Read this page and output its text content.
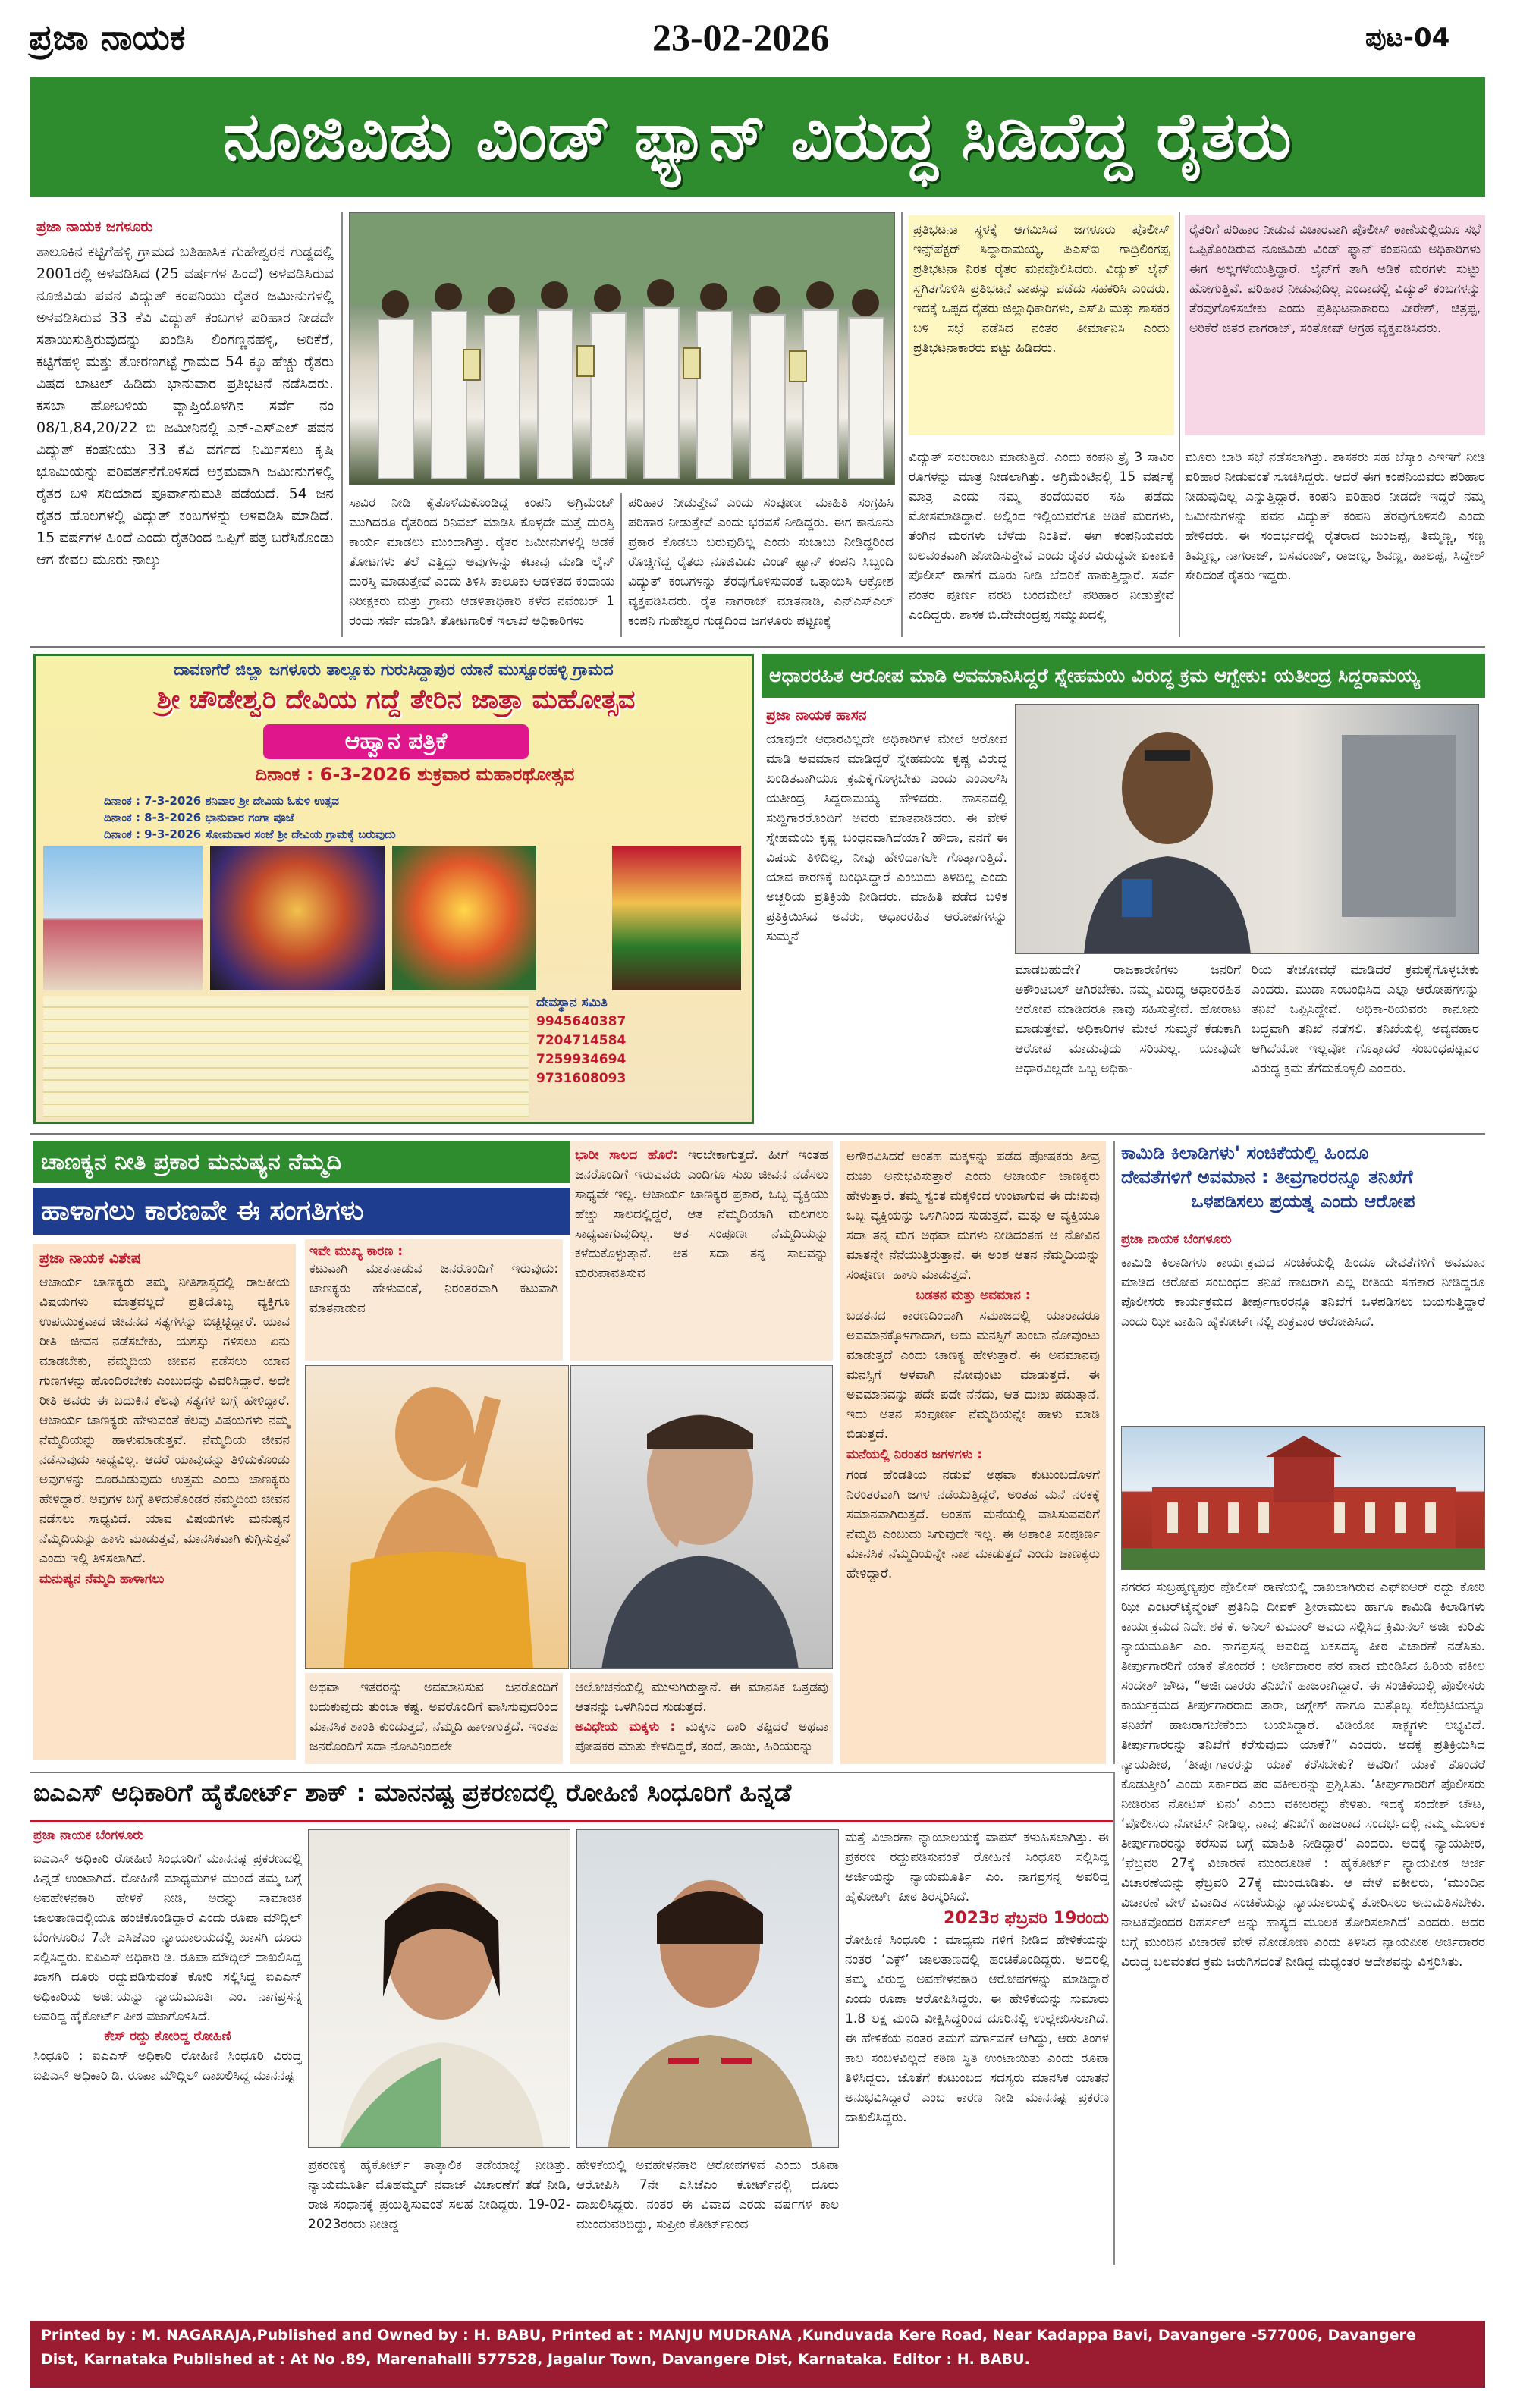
ಪ್ರಜಾ ನಾಯಕ	23-02-2026	ಪುಟ-04
ನೂಜಿವಿಡು ವಿಂಡ್ ಫ್ಯಾನ್ ವಿರುದ್ಧ ಸಿಡಿದೆದ್ದ ರೈತರು
ಪ್ರಜಾ ನಾಯಕ ಜಗಳೂರು
ತಾಲೂಕಿನ ಕಟ್ಟಿಗೆಹಳ್ಳಿ ಗ್ರಾಮದ ಬತಿಹಾಸಿಕ ಗುಹೇಶ್ವರನ ಗುಡ್ಡದಲ್ಲಿ 2001ರಲ್ಲಿ ಅಳವಡಿಸಿದ (25 ವರ್ಷಗಳ ಹಿಂದೆ) ಅಳವಡಿಸಿರುವ ನೂಜಿವಿಡು ಪವನ ವಿದ್ಯುತ್ ಕಂಪನಿಯು ರೈತರ ಜಮೀನುಗಳಲ್ಲಿ ಅಳವಡಿಸಿರುವ 33 ಕೆವಿ ವಿದ್ಯುತ್ ಕಂಬಗಳ ಪರಿಹಾರ ನೀಡದೇ ಸತಾಯಿಸುತ್ತಿರುವುದನ್ನು ಖಂಡಿಸಿ ಲಿಂಗಣ್ಣನಹಳ್ಳಿ, ಅರಿಕೆರೆ, ಕಟ್ಟಿಗೆಹಳ್ಳಿ ಮತ್ತು ತೋರಣಗಟ್ಟೆ ಗ್ರಾಮದ 54 ಕ್ಕೂ ಹೆಚ್ಚು ರೈತರು ವಿಷದ ಬಾಟಲ್ ಹಿಡಿದು ಭಾನುವಾರ ಪ್ರತಿಭಟನೆ ನಡೆಸಿದರು. ಕಸಬಾ ಹೋಬಳಿಯ ವ್ಯಾಪ್ತಿಯೊಳಗಿನ ಸರ್ವೆ ನಂ 08/1,84,20/22 ಬಿ ಜಮೀನಿನಲ್ಲಿ ಎನ್-ಎಸ್‌ಎಲ್ ಪವನ ವಿದ್ಯುತ್ ಕಂಪನಿಯು 33 ಕೆವಿ ವರ್ಗದ ನಿರ್ಮಿಸಲು ಕೃಷಿ ಭೂಮಿಯನ್ನು ಪರಿವರ್ತನೆಗೊಳಿಸದೆ ಅಕ್ರಮವಾಗಿ ಜಮೀನುಗಳಲ್ಲಿ ರೈತರ ಬಳಿ ಸರಿಯಾದ ಪೂರ್ವಾನುಮತಿ ಪಡೆಯದೆ. 54 ಜನ ರೈತರ ಹೊಲಗಳಲ್ಲಿ ವಿದ್ಯುತ್ ಕಂಬಗಳನ್ನು ಅಳವಡಿಸಿ ಮಾಡಿದೆ. 15 ವರ್ಷಗಳ ಹಿಂದೆ ಎಂದು ರೈತರಿಂದ ಒಪ್ಪಿಗೆ ಪತ್ರ ಬರೆಸಿಕೊಂಡು ಆಗ ಕೇವಲ ಮೂರು ನಾಲ್ಕು
ಸಾವಿರ ನೀಡಿ ಕೈತೊಳೆದುಕೊಂಡಿದ್ದ ಕಂಪನಿ ಅಗ್ರಿಮೆಂಟ್ ಮುಗಿದರೂ ರೈತರಿಂದ ರಿನಿವಲ್ ಮಾಡಿಸಿ ಕೊಳ್ಳದೇ ಮತ್ತೆ ದುರಸ್ತಿ ಕಾರ್ಯ ಮಾಡಲು ಮುಂದಾಗಿತ್ತು. ರೈತರ ಜಮೀನುಗಳಲ್ಲಿ ಅಡಕೆ ತೋಟಗಳು ತಲೆ ಎತ್ತಿದ್ದು ಅವುಗಳನ್ನು ಕಟಾವು ಮಾಡಿ ಲೈನ್ ದುರಸ್ತಿ ಮಾಡುತ್ತೇವೆ ಎಂದು ತಿಳಿಸಿ ತಾಲೂಕು ಆಡಳಿತದ ಕಂದಾಯ ನಿರೀಕ್ಷಕರು ಮತ್ತು ಗ್ರಾಮ ಆಡಳಿತಾಧಿಕಾರಿ ಕಳೆದ ನವೆಂಬರ್ 1 ರಂದು ಸರ್ವೆ ಮಾಡಿಸಿ ತೋಟಗಾರಿಕೆ ಇಲಾಖೆ ಅಧಿಕಾರಿಗಳು
ಪರಿಹಾರ ನೀಡುತ್ತೇವೆ ಎಂದು ಸಂಪೂರ್ಣ ಮಾಹಿತಿ ಸಂಗ್ರಹಿಸಿ ಪರಿಹಾರ ನೀಡುತ್ತೇವೆ ಎಂದು ಭರವಸೆ ನೀಡಿದ್ದರು. ಈಗ ಕಾನೂನು ಪ್ರಕಾರ ಕೊಡಲು ಬರುವುದಿಲ್ಲ ಎಂದು ಸುಬಾಬು ನೀಡಿದ್ದರಿಂದ ರೊಚ್ಚಿಗೆದ್ದ ರೈತರು ನೂಜಿವಿಡು ವಿಂಡ್ ಫ್ಯಾನ್ ಕಂಪನಿ ಸಿಬ್ಬಂದಿ ವಿದ್ಯುತ್ ಕಂಬಗಳನ್ನು ತೆರವುಗೊಳಿಸುವಂತೆ ಒತ್ತಾಯಿಸಿ ಆಕ್ರೋಶ ವ್ಯಕ್ತಪಡಿಸಿದರು. ರೈತ ನಾಗರಾಜ್ ಮಾತನಾಡಿ, ಎನ್‌ಎಸ್‌ಎಲ್ ಕಂಪನಿ ಗುಹೇಶ್ವರ ಗುಡ್ಡದಿಂದ ಜಗಳೂರು ಪಟ್ಟಣಕ್ಕೆ
ಪ್ರತಿಭಟನಾ ಸ್ಥಳಕ್ಕೆ ಆಗಮಿಸಿದ ಜಗಳೂರು ಪೊಲೀಸ್ ಇನ್ಸ್‌ಪೆಕ್ಟರ್ ಸಿದ್ದಾರಾಮಯ್ಯ, ಪಿಎಸ್ಐ ಗಾದ್ರಿಲಿಂಗಪ್ಪ ಪ್ರತಿಭಟನಾ ನಿರತ ರೈತರ ಮನವೊಲಿಸಿದರು. ವಿದ್ಯುತ್ ಲೈನ್ ಸ್ಥಗಿತಗೊಳಿಸಿ ಪ್ರತಿಭಟನೆ ವಾಪಸ್ಸು ಪಡೆದು ಸಹಕರಿಸಿ ಎಂದರು. ಇದಕ್ಕೆ ಒಪ್ಪದ ರೈತರು ಜಿಲ್ಲಾಧಿಕಾರಿಗಳು, ಎಸ್‌ಪಿ ಮತ್ತು ಶಾಸಕರ ಬಳಿ ಸಭೆ ನಡೆಸಿದ ನಂತರ ತೀರ್ಮಾನಿಸಿ ಎಂದು ಪ್ರತಿಭಟನಾಕಾರರು ಪಟ್ಟು ಹಿಡಿದರು.
ರೈತರಿಗೆ ಪರಿಹಾರ ನೀಡುವ ವಿಚಾರವಾಗಿ ಪೊಲೀಸ್ ಠಾಣೆಯಲ್ಲಿಯೂ ಸಭೆ ಒಪ್ಪಿಕೊಂಡಿರುವ ನೂಜಿವಿಡು ವಿಂಡ್ ಫ್ಯಾನ್ ಕಂಪನಿಯ ಅಧಿಕಾರಿಗಳು ಈಗ ಅಲ್ಲಗಳೆಯುತ್ತಿದ್ದಾರೆ. ಲೈನ್‌ಗೆ ತಾಗಿ ಅಡಿಕೆ ಮರಗಳು ಸುಟ್ಟು ಹೋಗುತ್ತಿವೆ. ಪರಿಹಾರ ನೀಡುವುದಿಲ್ಲ ಎಂದಾದಲ್ಲಿ ವಿದ್ಯುತ್ ಕಂಬಗಳನ್ನು ತೆರವುಗೊಳಿಸಬೇಕು ಎಂದು ಪ್ರತಿಭಟನಾಕಾರರು ವೀರೇಶ್, ಚಿತ್ರಪ್ಪ, ಅರಿಕೆರೆ ಜಿತರ ನಾಗರಾಜ್, ಸಂತೋಷ್ ಆಗ್ರಹ ವ್ಯಕ್ತಪಡಿಸಿದರು.
ವಿದ್ಯುತ್ ಸರಬರಾಜು ಮಾಡುತ್ತಿದೆ. ಎಂದು ಕಂಪನಿ ತ್ರೈ 3 ಸಾವಿರ ರೂಗಳನ್ನು ಮಾತ್ರ ನೀಡಲಾಗಿತ್ತು. ಅಗ್ರಿಮೆಂಟಿನಲ್ಲಿ 15 ವರ್ಷಕ್ಕೆ ಮಾತ್ರ ಎಂದು ನಮ್ಮ ತಂದೆಯವರ ಸಹಿ ಪಡೆದು ಮೋಸಮಾಡಿದ್ದಾರೆ. ಅಲ್ಲಿಂದ ಇಲ್ಲಿಯವರೆಗೂ ಅಡಿಕೆ ಮರಗಳು, ತೆಂಗಿನ ಮರಗಳು ಬೆಳೆದು ನಿಂತಿವೆ. ಈಗ ಕಂಪನಿಯವರು ಬಲವಂತವಾಗಿ ಜೋಡಿಸುತ್ತೇವೆ ಎಂದು ರೈತರ ವಿರುದ್ಧವೇ ಏಕಾಏಕಿ ಪೊಲೀಸ್ ಠಾಣೆಗೆ ದೂರು ನೀಡಿ ಬೆದರಿಕೆ ಹಾಕುತ್ತಿದ್ದಾರೆ. ಸರ್ವೆ ನಂತರ ಪೂರ್ಣ ವರದಿ ಬಂದಮೇಲೆ ಪರಿಹಾರ ನೀಡುತ್ತೇವೆ ಎಂದಿದ್ದರು. ಶಾಸಕ ಬಿ.ದೇವೇಂದ್ರಪ್ಪ ಸಮ್ಮುಖದಲ್ಲಿ
ಮೂರು ಬಾರಿ ಸಭೆ ನಡೆಸಲಾಗಿತ್ತು. ಶಾಸಕರು ಸಹ ಬೆಸ್ಕಾಂ ಎಇಇಗೆ ನೀಡಿ ಪರಿಹಾರ ನೀಡುವಂತೆ ಸೂಚಿಸಿದ್ದರು. ಆದರೆ ಈಗ ಕಂಪನಿಯವರು ಪರಿಹಾರ ನೀಡುವುದಿಲ್ಲ ಎನ್ನುತ್ತಿದ್ದಾರೆ. ಕಂಪನಿ ಪರಿಹಾರ ನೀಡದೇ ಇದ್ದರೆ ನಮ್ಮ ಜಮೀನುಗಳನ್ನು ಪವನ ವಿದ್ಯುತ್ ಕಂಪನಿ ತೆರವುಗೊಳಿಸಲಿ ಎಂದು ಹೇಳಿದರು. ಈ ಸಂದರ್ಭದಲ್ಲಿ ರೈತರಾದ ಜುಂಜಪ್ಪ, ತಿಮ್ಮಣ್ಣ, ಸಣ್ಣ ತಿಮ್ಮಣ್ಣ, ನಾಗರಾಜ್, ಬಸವರಾಜ್, ರಾಜಣ್ಣ, ಶಿವಣ್ಣ, ಹಾಲಪ್ಪ, ಸಿದ್ದೇಶ್ ಸೇರಿದಂತೆ ರೈತರು ಇದ್ದರು.
ದಾವಣಗೆರೆ ಜಿಲ್ಲಾ ಜಗಳೂರು ತಾಲ್ಲೂಕು ಗುರುಸಿದ್ದಾಪುರ ಯಾನೆ ಮುಸ್ಟೂರಹಳ್ಳಿ ಗ್ರಾಮದ
ಶ್ರೀ ಚೌಡೇಶ್ವರಿ ದೇವಿಯ ಗದ್ದೆ ತೇರಿನ ಜಾತ್ರಾ ಮಹೋತ್ಸವ
ಆಹ್ವಾನ ಪತ್ರಿಕೆ
ದಿನಾಂಕ : 6-3-2026 ಶುಕ್ರವಾರ ಮಹಾರಥೋತ್ಸವ
ದಿನಾಂಕ : 7-3-2026 ಶನಿವಾರ ಶ್ರೀ ದೇವಿಯ ಓಕುಳಿ ಉತ್ಸವ
ದಿನಾಂಕ : 8-3-2026 ಭಾನುವಾರ ಗಂಗಾ ಪೂಜೆ
ದಿನಾಂಕ : 9-3-2026 ಸೋಮವಾರ ಸಂಜೆ ಶ್ರೀ ದೇವಿಯ ಗ್ರಾಮಕ್ಕೆ ಬರುವುದು
ದೇವಸ್ಥಾನ ಸಮಿತಿ
9945640387
7204714584
7259934694
9731608093
ಆಧಾರರಹಿತ ಆರೋಪ ಮಾಡಿ ಅವಮಾನಿಸಿದ್ದರೆ ಸ್ನೇಹಮಯಿ ವಿರುದ್ಧ ಕ್ರಮ ಆಗ್ಬೇಕು: ಯತೀಂದ್ರ ಸಿದ್ದರಾಮಯ್ಯ
ಪ್ರಜಾ ನಾಯಕ ಹಾಸನ
ಯಾವುದೇ ಆಧಾರವಿಲ್ಲದೇ ಅಧಿಕಾರಿಗಳ ಮೇಲೆ ಆರೋಪ ಮಾಡಿ ಅವಮಾನ ಮಾಡಿದ್ದರೆ ಸ್ನೇಹಮಯಿ ಕೃಷ್ಣ ವಿರುದ್ಧ ಖಂಡಿತವಾಗಿಯೂ ಕ್ರಮಕೈಗೊಳ್ಳಬೇಕು ಎಂದು ಎಂಎಲ್‌ಸಿ ಯತೀಂದ್ರ ಸಿದ್ದರಾಮಯ್ಯ ಹೇಳಿದರು. ಹಾಸನದಲ್ಲಿ ಸುದ್ದಿಗಾರರೊಂದಿಗೆ ಅವರು ಮಾತನಾಡಿದರು. ಈ ವೇಳೆ ಸ್ನೇಹಮಯಿ ಕೃಷ್ಣ ಬಂಧನವಾಗಿದೆಯಾ? ಹೌದಾ, ನನಗೆ ಈ ವಿಷಯ ತಿಳಿದಿಲ್ಲ, ನೀವು ಹೇಳಿದಾಗಲೇ ಗೊತ್ತಾಗುತ್ತಿದೆ. ಯಾವ ಕಾರಣಕ್ಕೆ ಬಂಧಿಸಿದ್ದಾರೆ ಎಂಬುದು ತಿಳಿದಿಲ್ಲ ಎಂದು ಅಚ್ಚರಿಯ ಪ್ರತಿಕ್ರಿಯೆ ನೀಡಿದರು. ಮಾಹಿತಿ ಪಡೆದ ಬಳಿಕ ಪ್ರತಿಕ್ರಿಯಿಸಿದ ಅವರು, ಆಧಾರರಹಿತ ಆರೋಪಗಳನ್ನು ಸುಮ್ಮನೆ
ಮಾಡಬಹುದೇ? ರಾಜಕಾರಣಿಗಳು ಜನರಿಗೆ ಅಕೌಂಟಬಲ್ ಆಗಿರಬೇಕು. ನಮ್ಮ ವಿರುದ್ಧ ಆಧಾರರಹಿತ ಆರೋಪ ಮಾಡಿದರೂ ನಾವು ಸಹಿಸುತ್ತೇವೆ. ಹೋರಾಟ ಮಾಡುತ್ತೇವೆ. ಅಧಿಕಾರಿಗಳ ಮೇಲೆ ಸುಮ್ಮನೆ ಕೆಡುಕಾಗಿ ಆರೋಪ ಮಾಡುವುದು ಸರಿಯಲ್ಲ. ಯಾವುದೇ ಆಧಾರವಿಲ್ಲದೇ ಒಬ್ಬ ಅಧಿಕಾ-
ರಿಯ ತೇಜೋವಧೆ ಮಾಡಿದರೆ ಕ್ರಮಕೈಗೊಳ್ಳಬೇಕು ಎಂದರು. ಮುಡಾ ಸಂಬಂಧಿಸಿದ ಎಲ್ಲಾ ಆರೋಪಗಳನ್ನು ತನಿಖೆ ಒಪ್ಪಿಸಿದ್ದೇವೆ. ಅಧಿಕಾ-ರಿಯವರು ಕಾನೂನು ಬದ್ಧವಾಗಿ ತನಿಖೆ ನಡೆಸಲಿ. ತನಿಖೆಯಲ್ಲಿ ಅವ್ಯವಹಾರ ಆಗಿದೆಯೋ ಇಲ್ಲವೋ ಗೊತ್ತಾದರೆ ಸಂಬಂಧಪಟ್ಟವರ ವಿರುದ್ಧ ಕ್ರಮ ತೆಗೆದುಕೊಳ್ಳಲಿ ಎಂದರು.
ಚಾಣಕ್ಯನ ನೀತಿ ಪ್ರಕಾರ ಮನುಷ್ಯನ ನೆಮ್ಮದಿ
ಹಾಳಾಗಲು ಕಾರಣವೇ ಈ ಸಂಗತಿಗಳು
ಪ್ರಜಾ ನಾಯಕ ವಿಶೇಷ
ಆಚಾರ್ಯ ಚಾಣಕ್ಯರು ತಮ್ಮ ನೀತಿಶಾಸ್ತ್ರದಲ್ಲಿ ರಾಜಕೀಯ ವಿಷಯಗಳು ಮಾತ್ರವಲ್ಲದೆ ಪ್ರತಿಯೊಬ್ಬ ವ್ಯಕ್ತಿಗೂ ಉಪಯುಕ್ತವಾದ ಜೀವನದ ಸತ್ಯಗಳನ್ನು ಬಿಚ್ಚಿಟ್ಟಿದ್ದಾರೆ. ಯಾವ ರೀತಿ ಜೀವನ ನಡೆಸಬೇಕು, ಯಶಸ್ಸು ಗಳಿಸಲು ಏನು ಮಾಡಬೇಕು, ನೆಮ್ಮದಿಯ ಜೀವನ ನಡೆಸಲು ಯಾವ ಗುಣಗಳನ್ನು ಹೊಂದಿರಬೇಕು ಎಂಬುದನ್ನು ವಿವರಿಸಿದ್ದಾರೆ. ಅದೇ ರೀತಿ ಅವರು ಈ ಬದುಕಿನ ಕೆಲವು ಸತ್ಯಗಳ ಬಗ್ಗೆ ಹೇಳಿದ್ದಾರೆ. ಆಚಾರ್ಯ ಚಾಣಕ್ಯರು ಹೇಳುವಂತೆ ಕೆಲವು ವಿಷಯಗಳು ನಮ್ಮ ನೆಮ್ಮದಿಯನ್ನು ಹಾಳುಮಾಡುತ್ತವೆ. ನೆಮ್ಮದಿಯ ಜೀವನ ನಡೆಸುವುದು ಸಾಧ್ಯವಿಲ್ಲ. ಆದರೆ ಯಾವುದನ್ನು ತಿಳಿದುಕೊಂಡು ಅವುಗಳನ್ನು ದೂರವಿಡುವುದು ಉತ್ತಮ ಎಂದು ಚಾಣಕ್ಯರು ಹೇಳಿದ್ದಾರೆ. ಅವುಗಳ ಬಗ್ಗೆ ತಿಳಿದುಕೊಂಡರೆ ನೆಮ್ಮದಿಯ ಜೀವನ ನಡೆಸಲು ಸಾಧ್ಯವಿದೆ. ಯಾವ ವಿಷಯಗಳು ಮನುಷ್ಯನ ನೆಮ್ಮದಿಯನ್ನು ಹಾಳು ಮಾಡುತ್ತವೆ, ಮಾನಸಿಕವಾಗಿ ಕುಗ್ಗಿಸುತ್ತವೆ ಎಂದು ಇಲ್ಲಿ ತಿಳಿಸಲಾಗಿದೆ.
ಮನುಷ್ಯನ ನೆಮ್ಮದಿ ಹಾಳಾಗಲು
ಇವೇ ಮುಖ್ಯ ಕಾರಣ :
ಕಟುವಾಗಿ ಮಾತನಾಡುವ ಜನರೊಂದಿಗೆ ಇರುವುದು: ಚಾಣಕ್ಯರು ಹೇಳುವಂತೆ, ನಿರಂತರವಾಗಿ ಕಟುವಾಗಿ ಮಾತನಾಡುವ
ಭಾರೀ ಸಾಲದ ಹೊರೆ: ಇರಬೇಕಾಗುತ್ತದೆ. ಹೀಗೆ ಇಂತಹ ಜನರೊಂದಿಗೆ ಇರುವವರು ಎಂದಿಗೂ ಸುಖ ಜೀವನ ನಡೆಸಲು ಸಾಧ್ಯವೇ ಇಲ್ಲ. ಆಚಾರ್ಯ ಚಾಣಕ್ಯರ ಪ್ರಕಾರ, ಒಬ್ಬ ವ್ಯಕ್ತಿಯು ಹೆಚ್ಚು ಸಾಲದಲ್ಲಿದ್ದರೆ, ಆತ ನೆಮ್ಮದಿಯಾಗಿ ಮಲಗಲು ಸಾಧ್ಯವಾಗುವುದಿಲ್ಲ. ಆತ ಸಂಪೂರ್ಣ ನೆಮ್ಮದಿಯನ್ನು ಕಳೆದುಕೊಳ್ಳುತ್ತಾನೆ. ಆತ ಸದಾ ತನ್ನ ಸಾಲವನ್ನು ಮರುಪಾವತಿಸುವ
ಅಥವಾ ಇತರರನ್ನು ಅವಮಾನಿಸುವ ಜನರೊಂದಿಗೆ ಬದುಕುವುದು ತುಂಬಾ ಕಷ್ಟ. ಅವರೊಂದಿಗೆ ವಾಸಿಸುವುದರಿಂದ ಮಾನಸಿಕ ಶಾಂತಿ ಕುಂದುತ್ತದೆ, ನೆಮ್ಮದಿ ಹಾಳಾಗುತ್ತದೆ. ಇಂತಹ ಜನರೊಂದಿಗೆ ಸದಾ ನೋವಿನಿಂದಲೇ
ಆಲೋಚನೆಯಲ್ಲಿ ಮುಳುಗಿರುತ್ತಾನೆ. ಈ ಮಾನಸಿಕ ಒತ್ತಡವು ಆತನನ್ನು ಒಳಗಿನಿಂದ ಸುಡುತ್ತದೆ.
ಅವಿಧೇಯ ಮಕ್ಕಳು : ಮಕ್ಕಳು ದಾರಿ ತಪ್ಪಿದರೆ ಅಥವಾ ಪೋಷಕರ ಮಾತು ಕೇಳದಿದ್ದರೆ, ತಂದೆ, ತಾಯಿ, ಹಿರಿಯರನ್ನು
ಅಗೌರವಿಸಿದರೆ ಅಂತಹ ಮಕ್ಕಳನ್ನು ಪಡೆದ ಪೋಷಕರು ತೀವ್ರ ದುಃಖ ಅನುಭವಿಸುತ್ತಾರೆ ಎಂದು ಆಚಾರ್ಯ ಚಾಣಕ್ಯರು ಹೇಳುತ್ತಾರೆ. ತಮ್ಮ ಸ್ವಂತ ಮಕ್ಕಳಿಂದ ಉಂಟಾಗುವ ಈ ದುಃಖವು ಒಬ್ಬ ವ್ಯಕ್ತಿಯನ್ನು ಒಳಗಿನಿಂದ ಸುಡುತ್ತದೆ, ಮತ್ತು ಆ ವ್ಯಕ್ತಿಯೂ ಸದಾ ತನ್ನ ಮಗ ಅಥವಾ ಮಗಳು ನೀಡಿದಂತಹ ಆ ನೋವಿನ ಮಾತನ್ನೇ ನೆನೆಯುತ್ತಿರುತ್ತಾನೆ. ಈ ಅಂಶ ಆತನ ನೆಮ್ಮದಿಯನ್ನು ಸಂಪೂರ್ಣ ಹಾಳು ಮಾಡುತ್ತದೆ.
ಬಡತನ ಮತ್ತು ಅವಮಾನ :
ಬಡತನದ ಕಾರಣದಿಂದಾಗಿ ಸಮಾಜದಲ್ಲಿ ಯಾರಾದರೂ ಅವಮಾನಕ್ಕೊಳಗಾದಾಗ, ಅದು ಮನಸ್ಸಿಗೆ ತುಂಬಾ ನೋವುಂಟು ಮಾಡುತ್ತದೆ ಎಂದು ಚಾಣಕ್ಯ ಹೇಳುತ್ತಾರೆ. ಈ ಅವಮಾನವು ಮನಸ್ಸಿಗೆ ಆಳವಾಗಿ ನೋವುಂಟು ಮಾಡುತ್ತದೆ. ಈ ಅವಮಾನವನ್ನು ಪದೇ ಪದೇ ನೆನೆದು, ಆತ ದುಃಖ ಪಡುತ್ತಾನೆ. ಇದು ಆತನ ಸಂಪೂರ್ಣ ನೆಮ್ಮದಿಯನ್ನೇ ಹಾಳು ಮಾಡಿ ಬಿಡುತ್ತದೆ.
ಮನೆಯಲ್ಲಿ ನಿರಂತರ ಜಗಳಗಳು :
ಗಂಡ ಹೆಂಡತಿಯ ನಡುವೆ ಅಥವಾ ಕುಟುಂಬದೊಳಗೆ ನಿರಂತರವಾಗಿ ಜಗಳ ನಡೆಯುತ್ತಿದ್ದರೆ, ಅಂತಹ ಮನೆ ನರಕಕ್ಕೆ ಸಮಾನವಾಗಿರುತ್ತದೆ. ಅಂತಹ ಮನೆಯಲ್ಲಿ ವಾಸಿಸುವವರಿಗೆ ನೆಮ್ಮದಿ ಎಂಬುದು ಸಿಗುವುದೇ ಇಲ್ಲ. ಈ ಅಶಾಂತಿ ಸಂಪೂರ್ಣ ಮಾನಸಿಕ ನೆಮ್ಮದಿಯನ್ನೇ ನಾಶ ಮಾಡುತ್ತದೆ ಎಂದು ಚಾಣಕ್ಯರು ಹೇಳಿದ್ದಾರೆ.
ಕಾಮಿಡಿ ಕಿಲಾಡಿಗಳು' ಸಂಚಿಕೆಯಲ್ಲಿ ಹಿಂದೂ
ದೇವತೆಗಳಿಗೆ ಅವಮಾನ : ತೀವ್ರಗಾರರನ್ನೂ ತನಿಖೆಗೆ
ಒಳಪಡಿಸಲು ಪ್ರಯತ್ನ ಎಂದು ಆರೋಪ
ಪ್ರಜಾ ನಾಯಕ ಬೆಂಗಳೂರು
ಕಾಮಿಡಿ ಕಿಲಾಡಿಗಳು ಕಾರ್ಯಕ್ರಮದ ಸಂಚಿಕೆಯಲ್ಲಿ ಹಿಂದೂ ದೇವತೆಗಳಿಗೆ ಅವಮಾನ ಮಾಡಿದ ಆರೋಪ ಸಂಬಂಧದ ತನಿಖೆ ಹಾಜರಾಗಿ ಎಲ್ಲ ರೀತಿಯ ಸಹಕಾರ ನೀಡಿದ್ದರೂ ಪೊಲೀಸರು ಕಾರ್ಯಕ್ರಮದ ತೀರ್ಪುಗಾರರನ್ನೂ ತನಿಖೆಗೆ ಒಳಪಡಿಸಲು ಬಯಸುತ್ತಿದ್ದಾರೆ ಎಂದು ಝೀ ವಾಹಿನಿ ಹೈಕೋರ್ಟ್‌ನಲ್ಲಿ ಶುಕ್ರವಾರ ಆರೋಪಿಸಿದೆ.
ನಗರದ ಸುಬ್ರಹ್ಮಣ್ಯಪುರ ಪೊಲೀಸ್ ಠಾಣೆಯಲ್ಲಿ ದಾಖಲಾಗಿರುವ ಎಫ್‌ಐಆರ್ ರದ್ದು ಕೋರಿ ಝೀ ಎಂಟರ್‌ಟೈನ್ಮೆಂಟ್ ಪ್ರತಿನಿಧಿ ದೀಪಕ್ ಶ್ರೀರಾಮುಲು ಹಾಗೂ ಕಾಮಿಡಿ ಕಿಲಾಡಿಗಳು ಕಾರ್ಯಕ್ರಮದ ನಿರ್ದೇಶಕ ಕೆ. ಅನಿಲ್ ಕುಮಾರ್ ಅವರು ಸಲ್ಲಿಸಿದ ಕ್ರಿಮಿನಲ್ ಅರ್ಜಿ ಕುರಿತು ನ್ಯಾಯಮೂರ್ತಿ ಎಂ. ನಾಗಪ್ರಸನ್ನ ಅವರಿದ್ದ ಏಕಸದಸ್ಯ ಪೀಠ ವಿಚಾರಣೆ ನಡೆಸಿತು. ತೀರ್ಪುಗಾರರಿಗೆ ಯಾಕೆ ತೊಂದರೆ : ಅರ್ಜಿದಾರರ ಪರ ವಾದ ಮಂಡಿಸಿದ ಹಿರಿಯ ವಕೀಲ ಸಂದೇಶ್ ಚೌಟ, “ಅರ್ಜಿದಾರರು ತನಿಖೆಗೆ ಹಾಜರಾಗಿದ್ದಾರೆ. ಈ ಸಂಚಿಕೆಯಲ್ಲಿ ಪೊಲೀಸರು ಕಾರ್ಯಕ್ರಮದ ತೀರ್ಪುಗಾರರಾದ ತಾರಾ, ಜಗ್ಗೇಶ್ ಹಾಗೂ ಮತ್ತೊಬ್ಬ ಸೆಲೆಬ್ರಿಟಿಯನ್ನೂ ತನಿಖೆಗೆ ಹಾಜರಾಗಬೇಕೆಂದು ಬಯಸಿದ್ದಾರೆ. ವಿಡಿಯೋ ಸಾಕ್ಷ್ಯಗಳು ಲಭ್ಯವಿದೆ. ತೀರ್ಪುಗಾರರನ್ನು ತನಿಖೆಗೆ ಕರೆಸುವುದು ಯಾಕೆ?” ಎಂದರು. ಅದಕ್ಕೆ ಪ್ರತಿಕ್ರಿಯಿಸಿದ ನ್ಯಾಯಪೀಠ, ‘ತೀರ್ಪುಗಾರರನ್ನು ಯಾಕೆ ಕರೆಸಬೇಕು? ಅವರಿಗೆ ಯಾಕೆ ತೊಂದರೆ ಕೊಡುತ್ತೀರಿ’ ಎಂದು ಸರ್ಕಾರದ ಪರ ವಕೀಲರನ್ನು ಪ್ರಶ್ನಿಸಿತು. ‘ತೀರ್ಪುಗಾರರಿಗೆ ಪೊಲೀಸರು ನೀಡಿರುವ ನೋಟಿಸ್ ಏನು’ ಎಂದು ವಕೀಲರನ್ನು ಕೇಳಿತು. ಇದಕ್ಕೆ ಸಂದೇಶ್ ಚೌಟ, ‘ಪೊಲೀಸರು ನೋಟಿಸ್ ನೀಡಿಲ್ಲ. ನಾವು ತನಿಖೆಗೆ ಹಾಜರಾದ ಸಂದರ್ಭದಲ್ಲಿ ನಮ್ಮ ಮೂಲಕ ತೀರ್ಪುಗಾರರನ್ನು ಕರೆಸುವ ಬಗ್ಗೆ ಮಾಹಿತಿ ನೀಡಿದ್ದಾರೆ’ ಎಂದರು. ಅದಕ್ಕೆ ನ್ಯಾಯಪೀಠ, ‘ಫೆಬ್ರವರಿ 27ಕ್ಕೆ ವಿಚಾರಣೆ ಮುಂದೂಡಿಕೆ : ಹೈಕೋರ್ಟ್ ನ್ಯಾಯಪೀಠ ಅರ್ಜಿ ವಿಚಾರಣೆಯನ್ನು ಫೆಬ್ರವರಿ 27ಕ್ಕೆ ಮುಂದೂಡಿತು. ಆ ವೇಳೆ ವಕೀಲರು, ‘ಮುಂದಿನ ವಿಚಾರಣೆ ವೇಳೆ ವಿವಾದಿತ ಸಂಚಿಕೆಯನ್ನು ನ್ಯಾಯಾಲಯಕ್ಕೆ ತೋರಿಸಲು ಅನುಮತಿಸಬೇಕು. ನಾಟಕವೊಂದರ ರಿಹರ್ಸಲ್ ಅನ್ನು ಹಾಸ್ಯದ ಮೂಲಕ ತೋರಿಸಲಾಗಿದೆ’ ಎಂದರು. ಅದರ ಬಗ್ಗೆ ಮುಂದಿನ ವಿಚಾರಣೆ ವೇಳೆ ನೋಡೋಣ ಎಂದು ತಿಳಿಸಿದ ನ್ಯಾಯಪೀಠ ಅರ್ಜಿದಾರರ ವಿರುದ್ಧ ಬಲವಂತದ ಕ್ರಮ ಜರುಗಿಸದಂತೆ ನೀಡಿದ್ದ ಮಧ್ಯಂತರ ಆದೇಶವನ್ನು ವಿಸ್ತರಿಸಿತು.
ಐಎಎಸ್ ಅಧಿಕಾರಿಗೆ ಹೈಕೋರ್ಟ್ ಶಾಕ್ : ಮಾನನಷ್ಟ ಪ್ರಕರಣದಲ್ಲಿ ರೋಹಿಣಿ ಸಿಂಧೂರಿಗೆ ಹಿನ್ನಡೆ
ಪ್ರಜಾ ನಾಯಕ ಬೆಂಗಳೂರು
ಐಎಎಸ್ ಅಧಿಕಾರಿ ರೋಹಿಣಿ ಸಿಂಧೂರಿಗೆ ಮಾನನಷ್ಟ ಪ್ರಕರಣದಲ್ಲಿ ಹಿನ್ನಡೆ ಉಂಟಾಗಿದೆ. ರೋಹಿಣಿ ಮಾಧ್ಯಮಗಳ ಮುಂದೆ ತಮ್ಮ ಬಗ್ಗೆ ಅವಹೇಳನಕಾರಿ ಹೇಳಿಕೆ ನೀಡಿ, ಅದನ್ನು ಸಾಮಾಜಿಕ ಜಾಲತಾಣದಲ್ಲಿಯೂ ಹಂಚಿಕೊಂಡಿದ್ದಾರೆ ಎಂದು ರೂಪಾ ಮೌದ್ಗಿಲ್ ಬೆಂಗಳೂರಿನ 7ನೇ ಎಸಿಜೆಎಂ ನ್ಯಾಯಾಲಯದಲ್ಲಿ ಖಾಸಗಿ ದೂರು ಸಲ್ಲಿಸಿದ್ದರು. ಐಪಿಎಸ್ ಅಧಿಕಾರಿ ಡಿ. ರೂಪಾ ಮೌದ್ಗಿಲ್ ದಾಖಲಿಸಿದ್ದ ಖಾಸಗಿ ದೂರು ರದ್ದುಪಡಿಸುವಂತೆ ಕೋರಿ ಸಲ್ಲಿಸಿದ್ದ ಐಎಎಸ್ ಅಧಿಕಾರಿಯ ಅರ್ಜಿಯನ್ನು ನ್ಯಾಯಮೂರ್ತಿ ಎಂ. ನಾಗಪ್ರಸನ್ನ ಅವರಿದ್ದ ಹೈಕೋರ್ಟ್ ಪೀಠ ವಜಾಗೊಳಿಸಿದೆ.
ಕೇಸ್ ರದ್ದು ಕೋರಿದ್ದ ರೋಹಿಣಿ
ಸಿಂಧೂರಿ : ಐಎಎಸ್ ಅಧಿಕಾರಿ ರೋಹಿಣಿ ಸಿಂಧೂರಿ ವಿರುದ್ಧ ಐಪಿಎಸ್ ಅಧಿಕಾರಿ ಡಿ. ರೂಪಾ ಮೌದ್ಗಿಲ್ ದಾಖಲಿಸಿದ್ದ ಮಾನನಷ್ಟ
ಪ್ರಕರಣಕ್ಕೆ ಹೈಕೋರ್ಟ್ ತಾತ್ಕಾಲಿಕ ತಡೆಯಾಜ್ಞೆ ನೀಡಿತ್ತು. ನ್ಯಾಯಮೂರ್ತಿ ಮೊಹಮ್ಮದ್ ನವಾಜ್ ವಿಚಾರಣೆಗೆ ತಡೆ ನೀಡಿ, ರಾಜಿ ಸಂಧಾನಕ್ಕೆ ಪ್ರಯತ್ನಿಸುವಂತೆ ಸಲಹೆ ನೀಡಿದ್ದರು. 19-02-2023ರಂದು ನೀಡಿದ್ದ
ಹೇಳಿಕೆಯಲ್ಲಿ ಅವಹೇಳನಕಾರಿ ಆರೋಪಗಳಿವೆ ಎಂದು ರೂಪಾ ಆರೋಪಿಸಿ 7ನೇ ಎಸಿಜೆಎಂ ಕೋರ್ಟ್‌ನಲ್ಲಿ ದೂರು ದಾಖಲಿಸಿದ್ದರು. ನಂತರ ಈ ವಿವಾದ ಎರಡು ವರ್ಷಗಳ ಕಾಲ ಮುಂದುವರಿದಿದ್ದು, ಸುಪ್ರೀಂ ಕೋರ್ಟ್‌ನಿಂದ
ಮತ್ತೆ ವಿಚಾರಣಾ ನ್ಯಾಯಾಲಯಕ್ಕೆ ವಾಪಸ್ ಕಳುಹಿಸಲಾಗಿತ್ತು. ಈ ಪ್ರಕರಣ ರದ್ದುಪಡಿಸುವಂತೆ ರೋಹಿಣಿ ಸಿಂಧೂರಿ ಸಲ್ಲಿಸಿದ್ದ ಅರ್ಜಿಯನ್ನು ನ್ಯಾಯಮೂರ್ತಿ ಎಂ. ನಾಗಪ್ರಸನ್ನ ಅವರಿದ್ದ ಹೈಕೋರ್ಟ್ ಪೀಠ ತಿರಸ್ಕರಿಸಿದೆ.
2023ರ ಫೆಬ್ರವರಿ 19ರಂದು
ರೋಹಿಣಿ ಸಿಂಧೂರಿ : ಮಾಧ್ಯಮ ಗಳಿಗೆ ನೀಡಿದ ಹೇಳಿಕೆಯನ್ನು ನಂತರ ‘ಎಕ್ಸ್’ ಜಾಲತಾಣದಲ್ಲಿ ಹಂಚಿಕೊಂಡಿದ್ದರು. ಅದರಲ್ಲಿ ತಮ್ಮ ವಿರುದ್ಧ ಅವಹೇಳನಕಾರಿ ಆರೋಪಗಳನ್ನು ಮಾಡಿದ್ದಾರೆ ಎಂದು ರೂಪಾ ಆರೋಪಿಸಿದ್ದರು. ಈ ಹೇಳಿಕೆಯನ್ನು ಸುಮಾರು 1.8 ಲಕ್ಷ ಮಂದಿ ವೀಕ್ಷಿಸಿದ್ದರಿಂದ ದೂರಿನಲ್ಲಿ ಉಲ್ಲೇಖಿಸಲಾಗಿದೆ. ಈ ಹೇಳಿಕೆಯ ನಂತರ ತಮಗೆ ವರ್ಗಾವಣೆ ಆಗಿದ್ದು, ಆರು ತಿಂಗಳ ಕಾಲ ಸಂಬಳವಿಲ್ಲದೆ ಕಠಿಣ ಸ್ಥಿತಿ ಉಂಟಾಯಿತು ಎಂದು ರೂಪಾ ತಿಳಿಸಿದ್ದರು. ಜೊತೆಗೆ ಕುಟುಂಬದ ಸದಸ್ಯರು ಮಾನಸಿಕ ಯಾತನೆ ಅನುಭವಿಸಿದ್ದಾರೆ ಎಂಬ ಕಾರಣ ನೀಡಿ ಮಾನನಷ್ಟ ಪ್ರಕರಣ ದಾಖಲಿಸಿದ್ದರು.
Printed by : M. NAGARAJA,Published and Owned by : H. BABU, Printed at : MANJU MUDRANA ,Kunduvada Kere Road, Near Kadappa Bavi, Davangere -577006, Davangere
Dist, Karnataka Published at : At No .89, Marenahalli 577528, Jagalur Town, Davangere Dist, Karnataka. Editor : H. BABU.
